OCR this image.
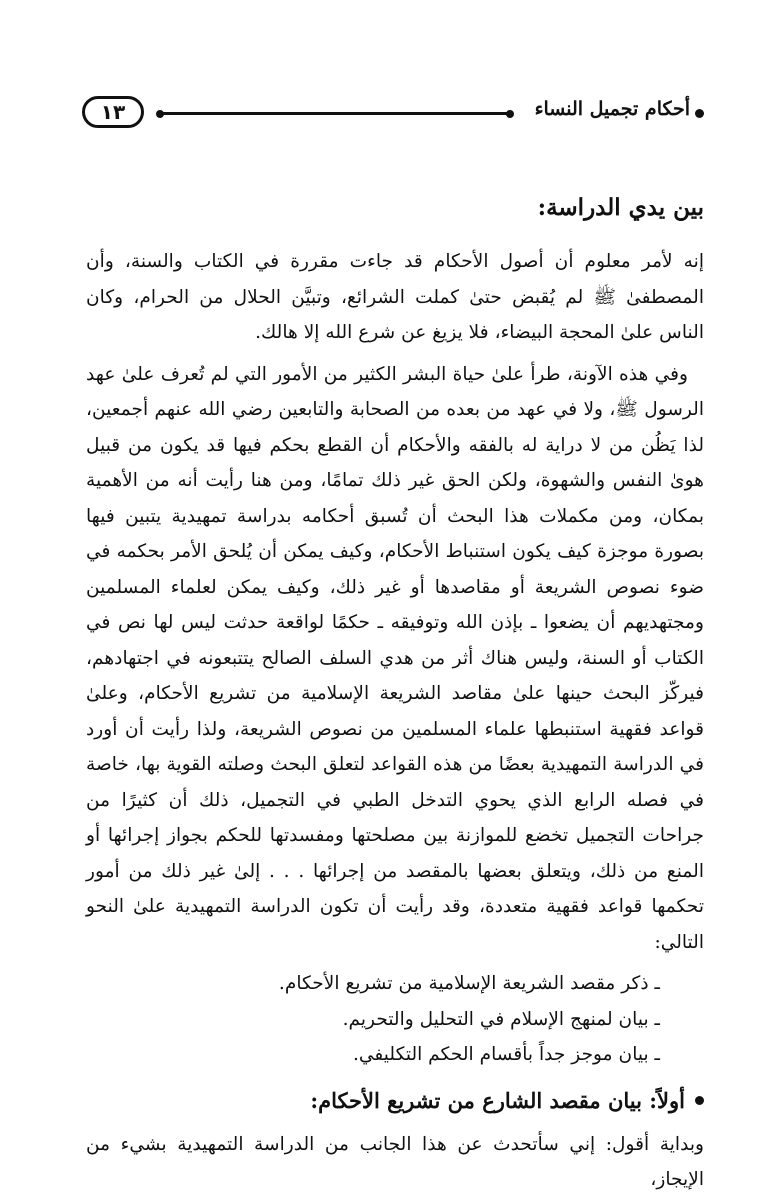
١٣	أحكام تجميل النساء
بين يدي الدراسة:

إنه لأمر معلوم أن أصول الأحكام قد جاءت مقررة في الكتاب والسنة، وأن المصطفىٰ ﷺ لم يُقبض حتىٰ كملت الشرائع، وتبيَّن الحلال من الحرام، وكان الناس علىٰ المحجة البيضاء، فلا يزيغ عن شرع الله إلا هالك.

وفي هذه الآونة، طرأ علىٰ حياة البشر الكثير من الأمور التي لم تُعرف علىٰ عهد الرسول ﷺ، ولا في عهد من بعده من الصحابة والتابعين رضي الله عنهم أجمعين، لذا يَظُن من لا دراية له بالفقه والأحكام أن القطع بحكم فيها قد يكون من قبيل هوىٰ النفس والشهوة، ولكن الحق غير ذلك تمامًا، ومن هنا رأيت أنه من الأهمية بمكان، ومن مكملات هذا البحث أن تُسبق أحكامه بدراسة تمهيدية يتبين فيها بصورة موجزة كيف يكون استنباط الأحكام، وكيف يمكن أن يُلحق الأمر بحكمه في ضوء نصوص الشريعة أو مقاصدها أو غير ذلك، وكيف يمكن لعلماء المسلمين ومجتهديهم أن يضعوا ـ بإذن الله وتوفيقه ـ حكمًا لواقعة حدثت ليس لها نص في الكتاب أو السنة، وليس هناك أثر من هدي السلف الصالح يتتبعونه في اجتهادهم، فيركّز البحث حينها علىٰ مقاصد الشريعة الإسلامية من تشريع الأحكام، وعلىٰ قواعد فقهية استنبطها علماء المسلمين من نصوص الشريعة، ولذا رأيت أن أورد في الدراسة التمهيدية بعضًا من هذه القواعد لتعلق البحث وصلته القوية بها، خاصة في فصله الرابع الذي يحوي التدخل الطبي في التجميل، ذلك أن كثيرًا من جراحات التجميل تخضع للموازنة بين مصلحتها ومفسدتها للحكم بجواز إجرائها أو المنع من ذلك، ويتعلق بعضها بالمقصد من إجرائها . . . إلىٰ غير ذلك من أمور تحكمها قواعد فقهية متعددة، وقد رأيت أن تكون الدراسة التمهيدية علىٰ النحو التالي:

ـ ذكر مقصد الشريعة الإسلامية من تشريع الأحكام.
ـ بيان لمنهج الإسلام في التحليل والتحريم.
ـ بيان موجز جداً بأقسام الحكم التكليفي.
أولاً: بيان مقصد الشارع من تشريع الأحكام:

وبداية أقول: إني سأتحدث عن هذا الجانب من الدراسة التمهيدية بشيء من الإيجاز،
